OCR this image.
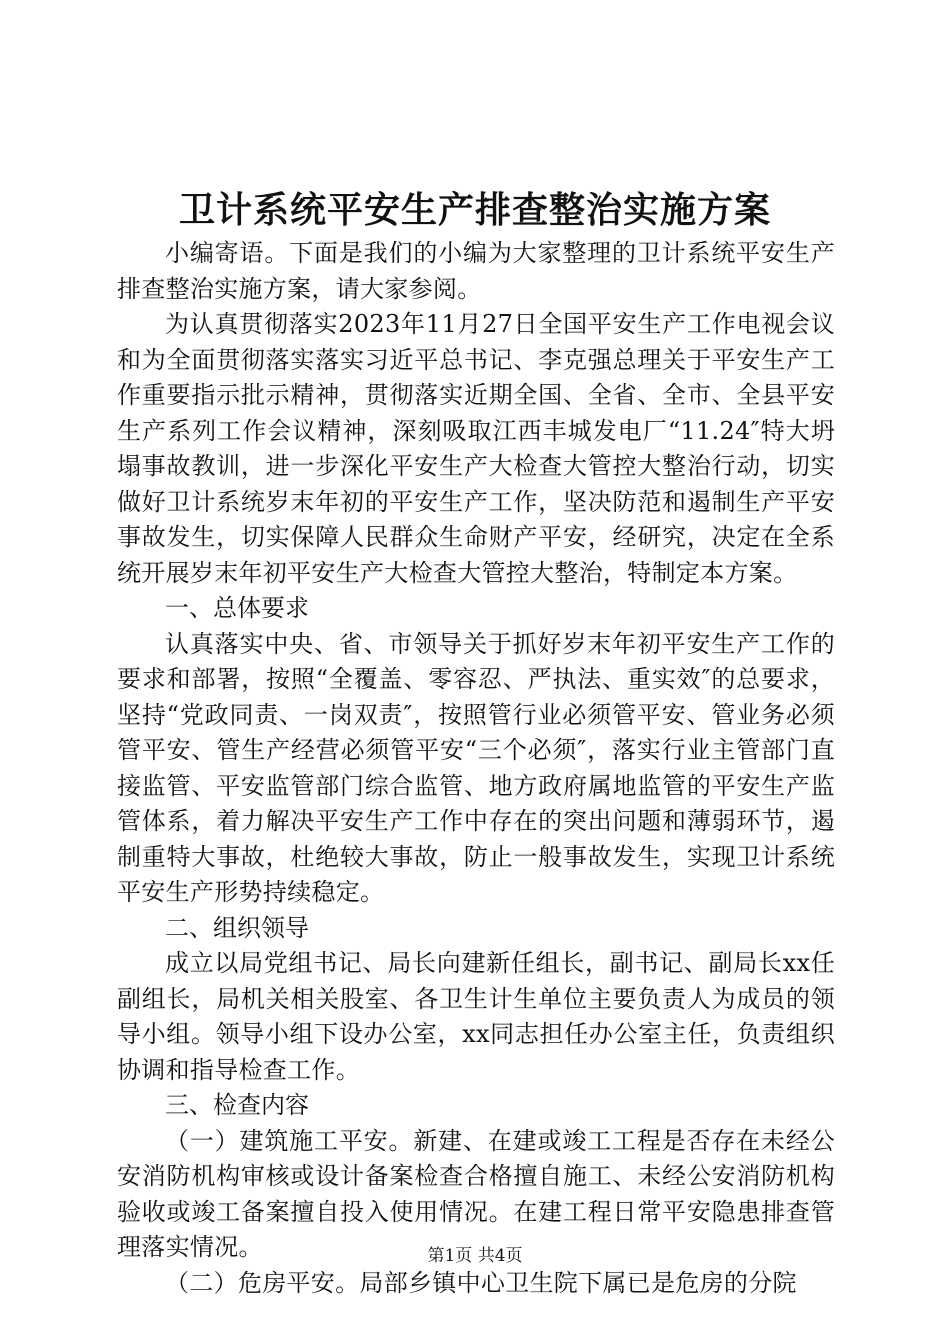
卫计系统平安生产排查整治实施方案

小编寄语。下面是我们的小编为大家整理的卫计系统平安生产排查整治实施方案，请大家参阅。

为认真贯彻落实2023年11月27日全国平安生产工作电视会议和为全面贯彻落实落实习近平总书记、李克强总理关于平安生产工作重要指示批示精神，贯彻落实近期全国、全省、全市、全县平安生产系列工作会议精神，深刻吸取江西丰城发电厂“11.24″特大坍塌事故教训，进一步深化平安生产大检查大管控大整治行动，切实做好卫计系统岁末年初的平安生产工作，坚决防范和遏制生产平安事故发生，切实保障人民群众生命财产平安，经研究，决定在全系统开展岁末年初平安生产大检查大管控大整治，特制定本方案。

一、总体要求

认真落实中央、省、市领导关于抓好岁末年初平安生产工作的要求和部署，按照“全覆盖、零容忍、严执法、重实效″的总要求，坚持“党政同责、一岗双责″，按照管行业必须管平安、管业务必须管平安、管生产经营必须管平安“三个必须″，落实行业主管部门直接监管、平安监管部门综合监管、地方政府属地监管的平安生产监管体系，着力解决平安生产工作中存在的突出问题和薄弱环节，遏制重特大事故，杜绝较大事故，防止一般事故发生，实现卫计系统平安生产形势持续稳定。

二、组织领导

成立以局党组书记、局长向建新任组长，副书记、副局长xx任副组长，局机关相关股室、各卫生计生单位主要负责人为成员的领导小组。领导小组下设办公室，xx同志担任办公室主任，负责组织协调和指导检查工作。

三、检查内容

（一）建筑施工平安。新建、在建或竣工工程是否存在未经公安消防机构审核或设计备案检查合格擅自施工、未经公安消防机构验收或竣工备案擅自投入使用情况。在建工程日常平安隐患排查管理落实情况。

（二）危房平安。局部乡镇中心卫生院下属已是危房的分院

第1页 共4页
